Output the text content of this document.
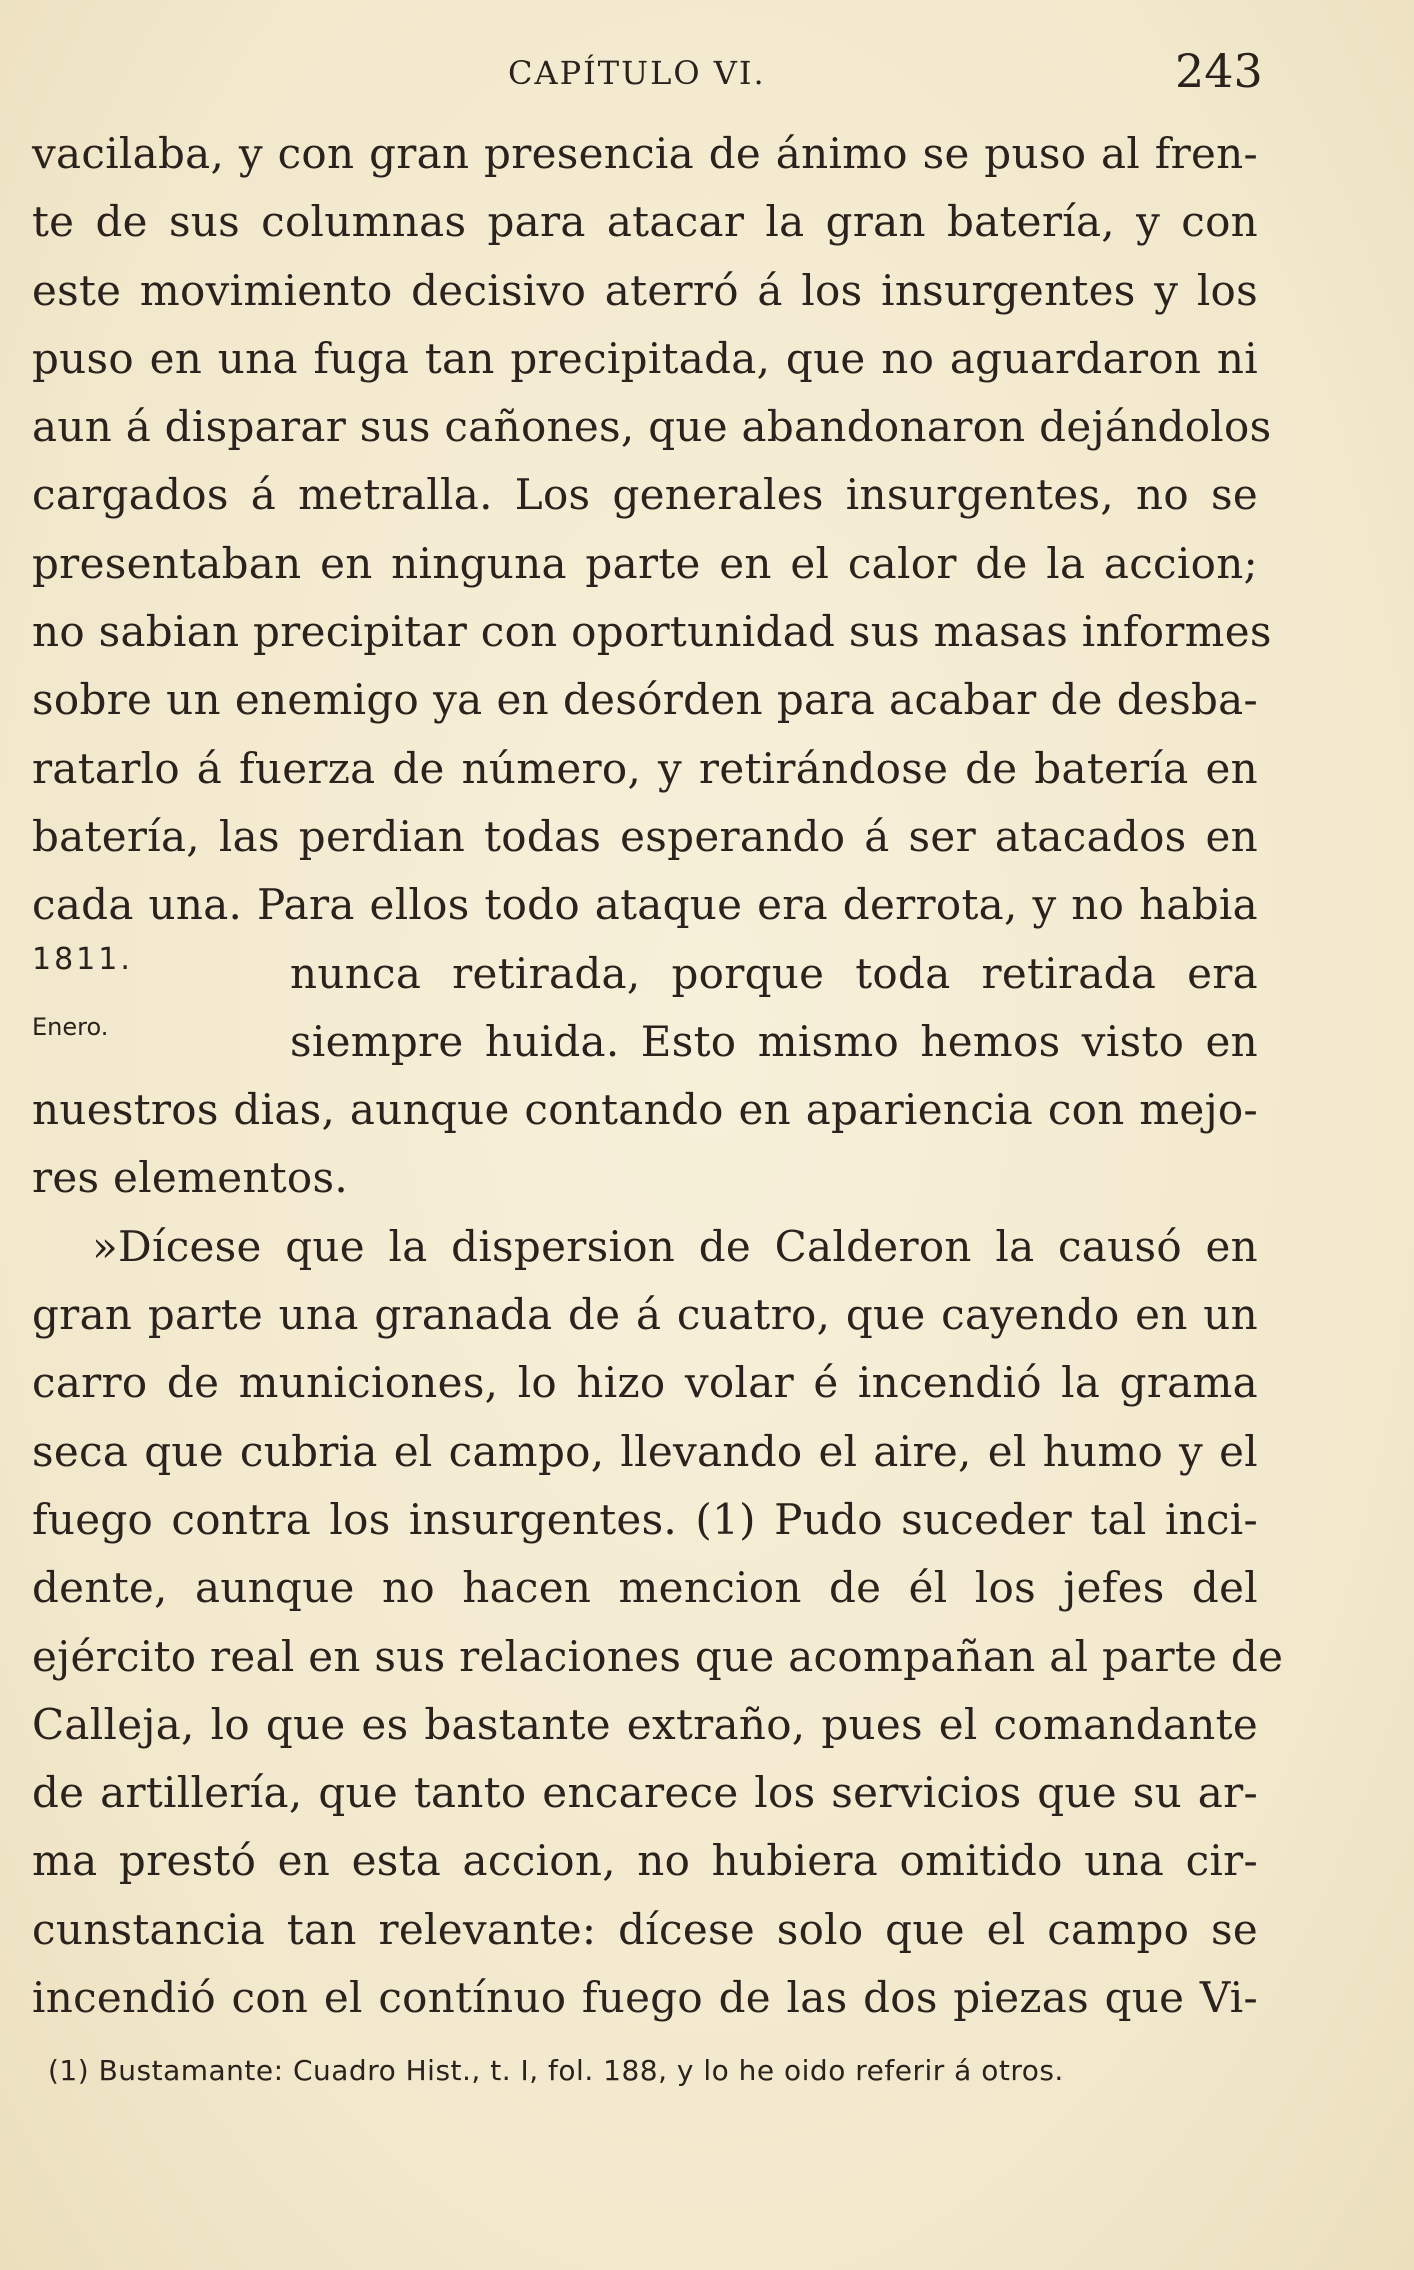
CAPÍTULO VI.	243
1811.
Enero.
vacilaba, y con gran presencia de ánimo se puso al fren-
te de sus columnas para atacar la gran batería, y con
este movimiento decisivo aterró á los insurgentes y los
puso en una fuga tan precipitada, que no aguardaron ni
aun á disparar sus cañones, que abandonaron dejándolos
cargados á metralla. Los generales insurgentes, no se
presentaban en ninguna parte en el calor de la accion;
no sabian precipitar con oportunidad sus masas informes
sobre un enemigo ya en desórden para acabar de desba-
ratarlo á fuerza de número, y retirándose de batería en
batería, las perdian todas esperando á ser atacados en
cada una. Para ellos todo ataque era derrota, y no habia
nunca retirada, porque toda retirada era
siempre huida. Esto mismo hemos visto en
nuestros dias, aunque contando en apariencia con mejo-
res elementos.
»Dícese que la dispersion de Calderon la causó en
gran parte una granada de á cuatro, que cayendo en un
carro de municiones, lo hizo volar é incendió la grama
seca que cubria el campo, llevando el aire, el humo y el
fuego contra los insurgentes. (1) Pudo suceder tal inci-
dente, aunque no hacen mencion de él los jefes del
ejército real en sus relaciones que acompañan al parte de
Calleja, lo que es bastante extraño, pues el comandante
de artillería, que tanto encarece los servicios que su ar-
ma prestó en esta accion, no hubiera omitido una cir-
cunstancia tan relevante: dícese solo que el campo se
incendió con el contínuo fuego de las dos piezas que Vi-
(1) Bustamante: Cuadro Hist., t. I, fol. 188, y lo he oido referir á otros.
